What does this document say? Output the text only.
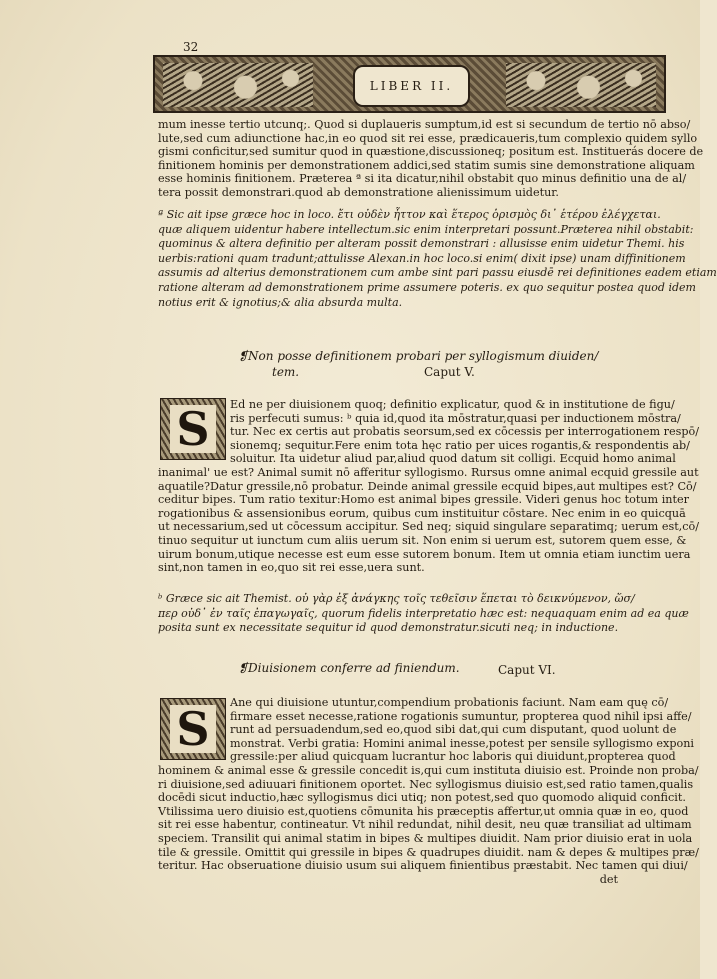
32
LIBER II.
mum inesse tertio utcunq;. Quod si duplaueris sumptum,id est si secundum de tertio nō abso/
lute,sed cum adiunctione hac,in eo quod sit rei esse, prædicaueris,tum complexio quidem syllo
gismi conficitur,sed sumitur quod in quæstione,discussioneq; positum est. Instituerás docere de
finitionem hominis per demonstrationem addici,sed statim sumis sine demonstratione aliquam
esse hominis finitionem. Præterea ª si ita dicatur,nihil obstabit quo minus definitio una de al/
tera possit demonstrari.quod ab demonstratione alienissimum uidetur.
ª Sic ait ipse græce hoc in loco. ἔτι οὐδὲν ἧττον καὶ ἕτερος ὁρισμὸς δι᾽ ἑτέρου ἐλέγχεται.
quæ aliquem uidentur habere intellectum.sic enim interpretari possunt.Præterea nihil obstabit:
quominus & altera definitio per alteram possit demonstrari : allusisse enim uidetur Themi. his
uerbis:rationi quam tradunt;attulisse Alexan.in hoc loco.si enim( dixit ipse) unam diffinitionem
assumis ad alterius demonstrationem cum ambe sint pari passu eiusdē rei definitiones eadem etiam
ratione alteram ad demonstrationem prime assumere poteris. ex quo sequitur postea quod idem
notius erit & ignotius;& alia absurda multa.
❡Non posse definitionem probari per syllogismum diuiden/
tem.	Caput V.
S	Ed ne per diuisionem quoq; definitio explicatur, quod & in institutione de figu/
ris perfecuti sumus: ᵇ quia id,quod ita mōstratur,quasi per inductionem mōstra/
tur. Nec ex certis aut probatis seorsum,sed ex cōcessis per interrogationem respō/
sionemq; sequitur.Fere enim tota hęc ratio per uices rogantis,& respondentis ab/
soluitur. Ita uidetur aliud par,aliud quod datum sit colligi. Ecquid homo animal
inanimal' ue est? Animal sumit nō afferitur syllogismo. Rursus omne animal ecquid gressile aut
aquatile?Datur gressile,nō probatur. Deinde animal gressile ecquid bipes,aut multipes est? Cō/
ceditur bipes. Tum ratio texitur:Homo est animal bipes gressile. Videri genus hoc totum inter
rogationibus & assensionibus eorum, quibus cum instituitur cōstare. Nec enim in eo quicquā
ut necessarium,sed ut cōcessum accipitur. Sed neq; siquid singulare separatimq; uerum est,cō/
tinuo sequitur ut iunctum cum aliis uerum sit. Non enim si uerum est, sutorem quem esse, &
uirum bonum,utique necesse est eum esse sutorem bonum. Item ut omnia etiam iunctim uera
sint,non tamen in eo,quo sit rei esse,uera sunt.
ᵇ Græce sic ait Themist. οὐ γὰρ ἐξ ἀνάγκης τοῖς τεθεῖσιν ἕπεται τὸ δεικνύμενον, ὥσ/
περ οὐδ᾽ ἐν ταῖς ἐπαγωγαῖς, quorum fidelis interpretatio hæc est: nequaquam enim ad ea quæ
posita sunt ex necessitate sequitur id quod demonstratur.sicuti neq; in inductione.
❡Diuisionem conferre ad finiendum.	Caput VI.
S	Ane qui diuisione utuntur,compendium probationis faciunt. Nam eam quę cō/
firmare esset necesse,ratione rogationis sumuntur, propterea quod nihil ipsi affe/
runt ad persuadendum,sed eo,quod sibi dat,qui cum disputant, quod uolunt de
monstrat. Verbi gratia: Homini animal inesse,potest per sensile syllogismo exponi
gressile:per aliud quicquam lucrantur hoc laboris qui diuidunt,propterea quod
hominem & animal esse & gressile concedit is,qui cum instituta diuisio est. Proinde non proba/
ri diuisione,sed adiuuari finitionem oportet. Nec syllogismus diuisio est,sed ratio tamen,qualis
docēdi sicut inductio,hæc syllogismus dici utiq; non potest,sed quo quomodo aliquid conficit.
Vtilissima uero diuisio est,quotiens cōmunita his præceptis affertur,ut omnia quæ in eo, quod
sit rei esse habentur, contineatur. Vt nihil redundat, nihil desit, neu quæ transiliat ad ultimam
speciem. Transilit qui animal statim in bipes & multipes diuidit. Nam prior diuisio erat in uola
tile & gressile. Omittit qui gressile in bipes & quadrupes diuidit. nam & depes & multipes præ/
teritur. Hac obseruatione diuisio usum sui aliquem finientibus præstabit. Nec tamen qui diui/
det
